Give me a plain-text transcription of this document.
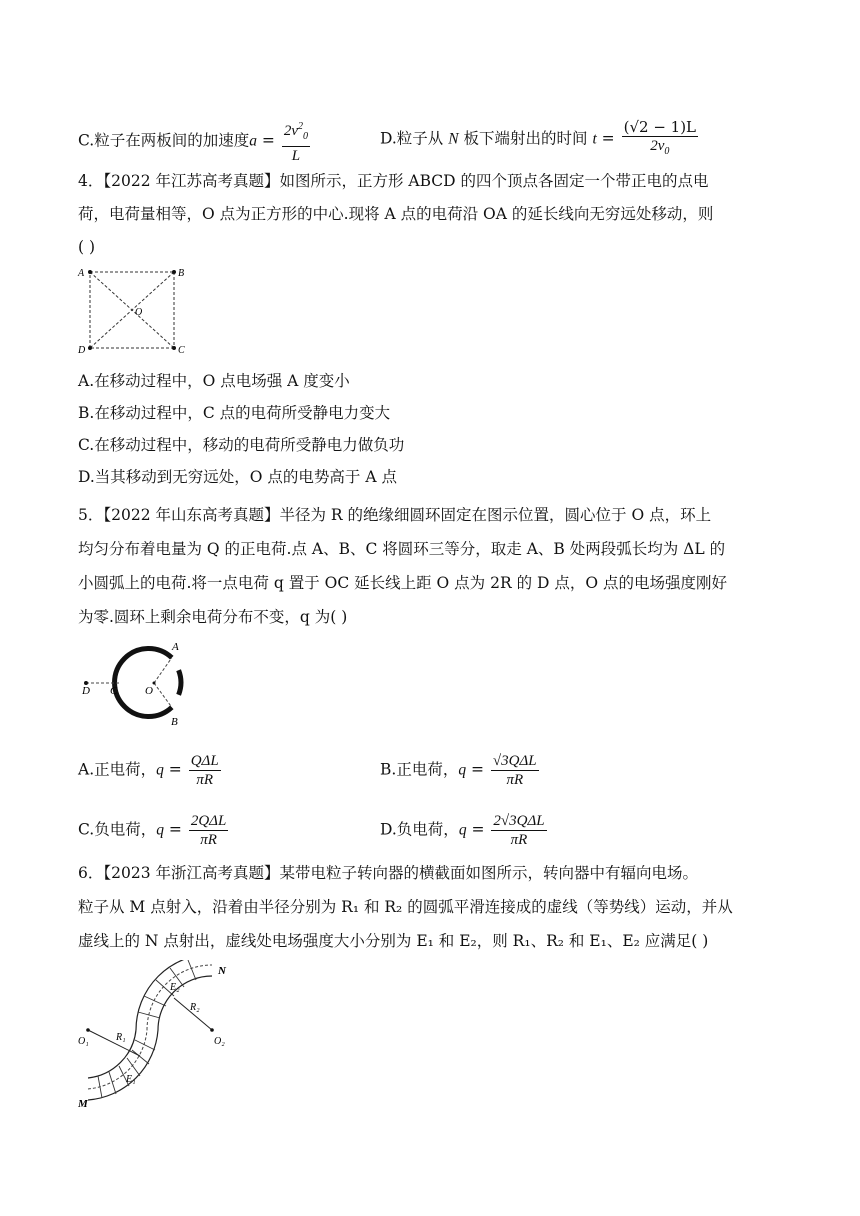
C.粒子在两板间的加速度$a = \frac{2v^2_0}{L}$	D.粒子从 N 板下端射出的时间 $t = \frac{(√2 - 1)L}{2v_0}$
4．【2022 年江苏高考真题】如图所示，正方形 ABCD 的四个顶点各固定一个带正电的点电
荷，电荷量相等，O 点为正方形的中心.现将 A 点的电荷沿 OA 的延长线向无穷远处移动，则
( )
A	B
C
D
O
A.在移动过程中，O 点电场强 A 度变小
B.在移动过程中，C 点的电荷所受静电力变大
C.在移动过程中，移动的电荷所受静电力做负功
D.当其移动到无穷远处，O 点的电势高于 A 点
5．【2022 年山东高考真题】半径为 R 的绝缘细圆环固定在图示位置，圆心位于 O 点，环上
均匀分布着电量为 Q 的正电荷.点 A、B、C 将圆环三等分，取走 A、B 处两段弧长均为 ΔL 的
小圆弧上的电荷.将一点电荷 q 置于 OC 延长线上距 O 点为 2R 的 D 点，O 点的电场强度刚好
为零.圆环上剩余电荷分布不变，q 为( )
A
B
C
D	O
A.正电荷，$q = \frac{\text{QΔL}}{\pi R}$	B.正电荷，$q = \frac{\text{√3QΔL}}{\pi R}$
C.负电荷，$q = \frac{\text{2QΔL}}{\pi R}$	D.负电荷，$q = \frac{\text{2√3QΔL}}{\pi R}$
6．【2023 年浙江高考真题】某带电粒子转向器的横截面如图所示，转向器中有辐向电场。
粒子从 M 点射入，沿着由半径分别为 R₁ 和 R₂ 的圆弧平滑连接成的虚线（等势线）运动，并从
虚线上的 N 点射出，虚线处电场强度大小分别为 E₁ 和 E₂，则 R₁、R₂ 和 E₁、E₂ 应满足( )
O₁	O₂
R₁
R₂
E₁
E₂
M
N
